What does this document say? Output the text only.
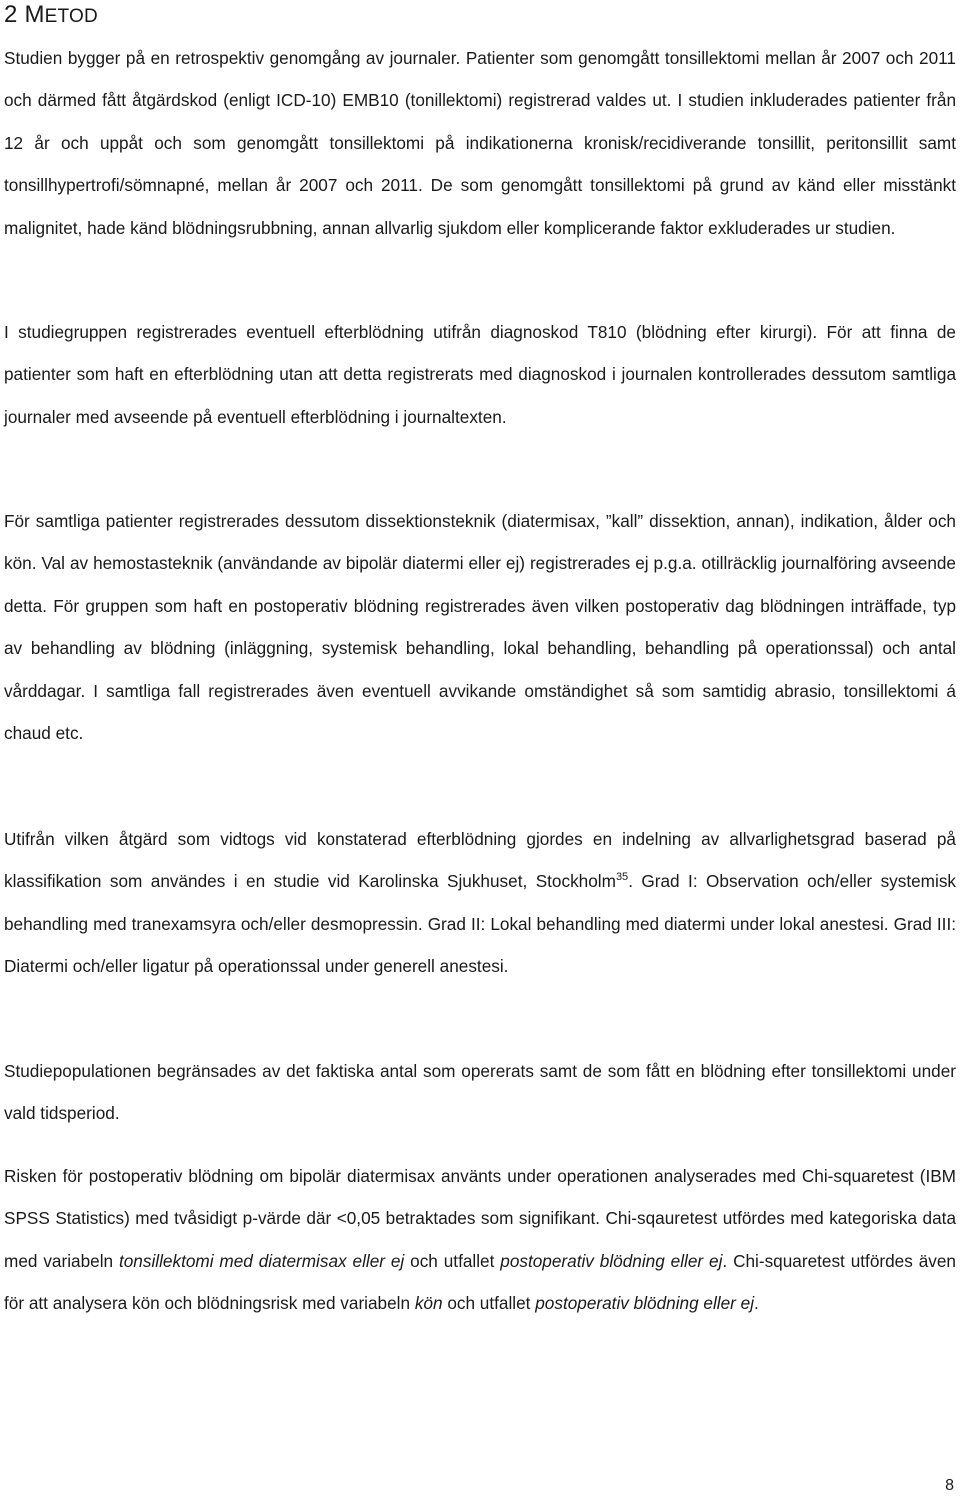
2 METOD

Studien bygger på en retrospektiv genomgång av journaler. Patienter som genomgått tonsillektomi mellan år 2007 och 2011 och därmed fått åtgärdskod (enligt ICD-10) EMB10 (tonillektomi) registrerad valdes ut. I studien inkluderades patienter från 12 år och uppåt och som genomgått tonsillektomi på indikationerna kronisk/recidiverande tonsillit, peritonsillit samt tonsillhypertrofi/sömnapné, mellan år 2007 och 2011. De som genomgått tonsillektomi på grund av känd eller misstänkt malignitet, hade känd blödningsrubbning, annan allvarlig sjukdom eller komplicerande faktor exkluderades ur studien.

I studiegruppen registrerades eventuell efterblödning utifrån diagnoskod T810 (blödning efter kirurgi). För att finna de patienter som haft en efterblödning utan att detta registrerats med diagnoskod i journalen kontrollerades dessutom samtliga journaler med avseende på eventuell efterblödning i journaltexten.

För samtliga patienter registrerades dessutom dissektionsteknik (diatermisax, ”kall” dissektion, annan), indikation, ålder och kön. Val av hemostasteknik (användande av bipolär diatermi eller ej) registrerades ej p.g.a. otillräcklig journalföring avseende detta. För gruppen som haft en postoperativ blödning registrerades även vilken postoperativ dag blödningen inträffade, typ av behandling av blödning (inläggning, systemisk behandling, lokal behandling, behandling på operationssal) och antal vårddagar. I samtliga fall registrerades även eventuell avvikande omständighet så som samtidig abrasio, tonsillektomi á chaud etc.

Utifrån vilken åtgärd som vidtogs vid konstaterad efterblödning gjordes en indelning av allvarlighetsgrad baserad på klassifikation som användes i en studie vid Karolinska Sjukhuset, Stockholm$^{35}$. Grad I: Observation och/eller systemisk behandling med tranexamsyra och/eller desmopressin. Grad II: Lokal behandling med diatermi under lokal anestesi. Grad III: Diatermi och/eller ligatur på operationssal under generell anestesi.

Studiepopulationen begränsades av det faktiska antal som opererats samt de som fått en blödning efter tonsillektomi under vald tidsperiod.

Risken för postoperativ blödning om bipolär diatermisax använts under operationen analyserades med Chi-squaretest (IBM SPSS Statistics) med tvåsidigt p-värde där <0,05 betraktades som signifikant. Chi-sqauretest utfördes med kategoriska data med variabeln tonsillektomi med diatermisax eller ej och utfallet postoperativ blödning eller ej. Chi-squaretest utfördes även för att analysera kön och blödningsrisk med variabeln kön och utfallet postoperativ blödning eller ej.

8
